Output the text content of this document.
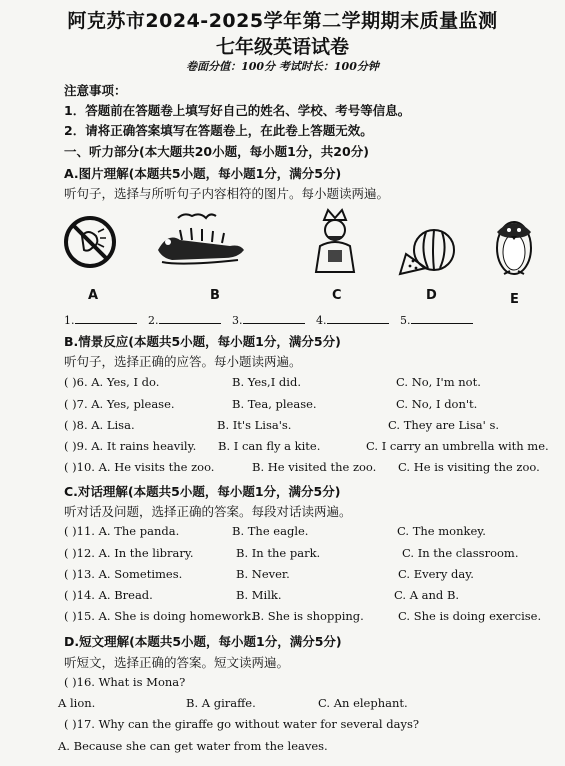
阿克苏市2024-2025学年第二学期期末质量监测
七年级英语试卷
卷面分值：100分 考试时长：100分钟
注意事项：
1．答题前在答题卷上填写好自己的姓名、学校、考号等信息。
2．请将正确答案填写在答题卷上，在此卷上答题无效。
一、听力部分(本大题共20小题，每小题1分，共20分)
A.图片理解(本题共5小题，每小题1分，满分5分)
听句子，选择与所听句子内容相符的图片。每小题读两遍。
A	B	C	D	E
1.	2.	3.	4.	5.
B.情景反应(本题共5小题，每小题1分，满分5分)
听句子，选择正确的应答。每小题读两遍。
( )6. A. Yes, I do.	B. Yes,I did.	C. No, I'm not.
( )7. A. Yes, please.	B. Tea, please.	C. No, I don't.
( )8. A. Lisa.	B. It's Lisa's.	C. They are Lisa' s.
( )9. A. It rains heavily. B. I can fly a kite.	C. I carry an umbrella with me.
( )10. A. He visits the zoo.	B. He visited the zoo. C. He is visiting the zoo.
C.对话理解(本题共5小题，每小题1分，满分5分)
听对话及问题，选择正确的答案。每段对话读两遍。
( )11. A. The panda.	B. The eagle.	C. The monkey.
( )12. A. In the library.	B. In the park.	C. In the classroom.
( )13. A. Sometimes.	B. Never.	C. Every day.
( )14. A. Bread.	B. Milk.	C. A and B.
( )15. A. She is doing homework.
B. She is shopping.	C. She is doing exercise.
D.短文理解(本题共5小题，每小题1分，满分5分)
听短文，选择正确的答案。短文读两遍。
( )16. What is Mona?
A lion.	B. A giraffe.	C. An elephant.
( )17. Why can the giraffe go without water for several days?
A. Because she can get water from the leaves.
